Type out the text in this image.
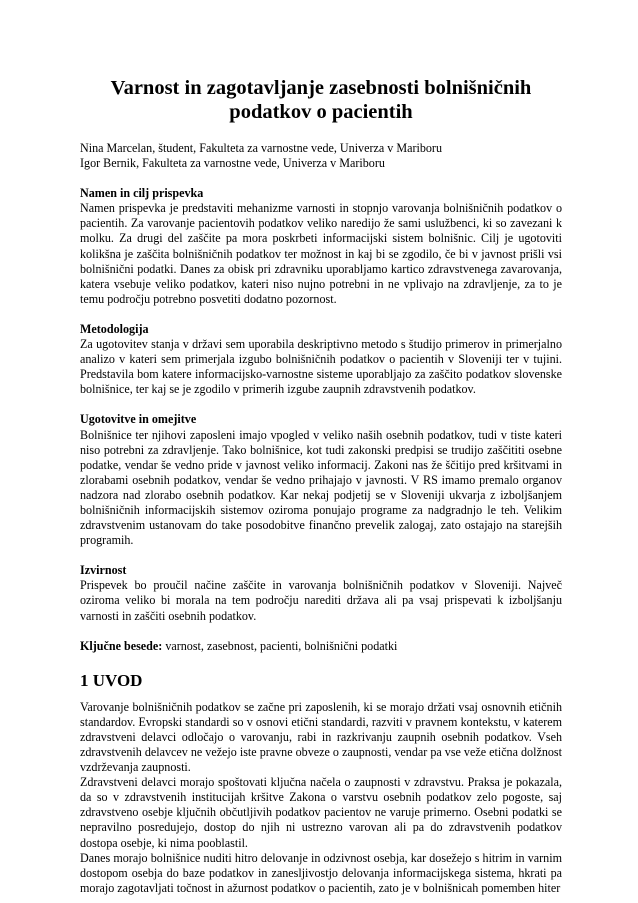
Varnost in zagotavljanje zasebnosti bolnišničnih podatkov o pacientih
Nina Marcelan, študent, Fakulteta za varnostne vede, Univerza v Mariboru
Igor Bernik, Fakulteta za varnostne vede, Univerza v Mariboru
Namen in cilj prispevka

Namen prispevka je predstaviti mehanizme varnosti in stopnjo varovanja bolnišničnih podatkov o pacientih. Za varovanje pacientovih podatkov veliko naredijo že sami uslužbenci, ki so zavezani k molku. Za drugi del zaščite pa mora poskrbeti informacijski sistem bolnišnic. Cilj je ugotoviti kolikšna je zaščita bolnišničnih podatkov ter možnost in kaj bi se zgodilo, če bi v javnost prišli vsi bolnišnični podatki. Danes za obisk pri zdravniku uporabljamo kartico zdravstvenega zavarovanja, katera vsebuje veliko podatkov, kateri niso nujno potrebni in ne vplivajo na zdravljenje, za to je temu področju potrebno posvetiti dodatno pozornost.

Metodologija

Za ugotovitev stanja v državi sem uporabila deskriptivno metodo s študijo primerov in primerjalno analizo v kateri sem primerjala izgubo bolnišničnih podatkov o pacientih v Sloveniji ter v tujini. Predstavila bom katere informacijsko-varnostne sisteme uporabljajo za zaščito podatkov slovenske bolnišnice, ter kaj se je zgodilo v primerih izgube zaupnih zdravstvenih podatkov.

Ugotovitve in omejitve

Bolnišnice ter njihovi zaposleni imajo vpogled v veliko naših osebnih podatkov, tudi v tiste kateri niso potrebni za zdravljenje. Tako bolnišnice, kot tudi zakonski predpisi se trudijo zaščititi osebne podatke, vendar še vedno pride v javnost veliko informacij. Zakoni nas že ščitijo pred kršitvami in zlorabami osebnih podatkov, vendar še vedno prihajajo v javnosti. V RS imamo premalo organov nadzora nad zlorabo osebnih podatkov. Kar nekaj podjetij se v Sloveniji ukvarja z izboljšanjem bolnišničnih informacijskih sistemov oziroma ponujajo programe za nadgradnjo le teh. Velikim zdravstvenim ustanovam do take posodobitve finančno prevelik zalogaj, zato ostajajo na starejših programih.

Izvirnost

Prispevek bo proučil načine zaščite in varovanja bolnišničnih podatkov v Sloveniji. Največ oziroma veliko bi morala na tem področju narediti država ali pa vsaj prispevati k izboljšanju varnosti in zaščiti osebnih podatkov.

Ključne besede: varnost, zasebnost, pacienti, bolnišnični podatki
1 UVOD

Varovanje bolnišničnih podatkov se začne pri zaposlenih, ki se morajo držati vsaj osnovnih etičnih standardov. Evropski standardi so v osnovi etični standardi, razviti v pravnem kontekstu, v katerem zdravstveni delavci odločajo o varovanju, rabi in razkrivanju zaupnih osebnih podatkov. Vseh zdravstvenih delavcev ne vežejo iste pravne obveze o zaupnosti, vendar pa vse veže etična dolžnost vzdrževanja zaupnosti.

Zdravstveni delavci morajo spoštovati ključna načela o zaupnosti v zdravstvu. Praksa je pokazala, da so v zdravstvenih institucijah kršitve Zakona o varstvu osebnih podatkov zelo pogoste, saj zdravstveno osebje ključnih občutljivih podatkov pacientov ne varuje primerno. Osebni podatki se nepravilno posredujejo, dostop do njih ni ustrezno varovan ali pa do zdravstvenih podatkov dostopa osebje, ki nima pooblastil.

Danes morajo bolnišnice nuditi hitro delovanje in odzivnost osebja, kar dosežejo s hitrim in varnim dostopom osebja do baze podatkov in zanesljivostjo delovanja informacijskega sistema, hkrati pa morajo zagotavljati točnost in ažurnost podatkov o pacientih, zato je v bolnišnicah pomemben hiter
